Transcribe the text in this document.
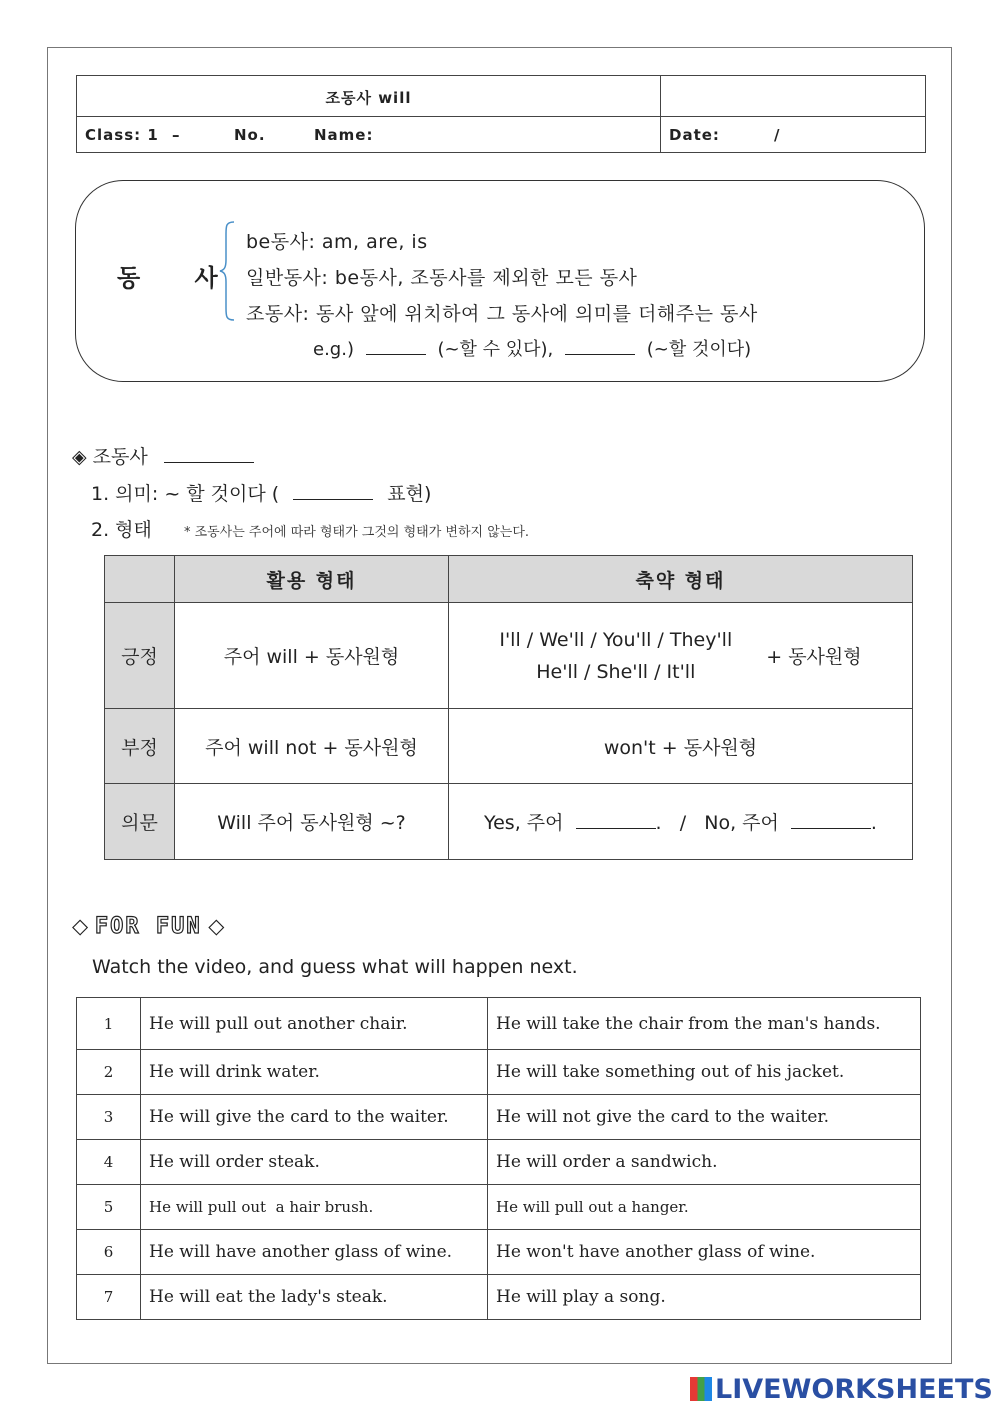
조동사 will
Class: 1 –	No.	Name:	Date:	/
동 사
be동사: am, are, is
일반동사: be동사, 조동사를 제외한 모든 동사
조동사: 동사 앞에 위치하여 그 동사에 의미를 더해주는 동사
e.g.)	(~할 수 있다),	(~할 것이다)
◈ 조동사
1. 의미: ~ 할 것이다 (	표현)
2. 형태 * 조동사는 주어에 따라 형태가 그것의 형태가 변하지 않는다.
	활용 형태	축약 형태
긍정	주어 will + 동사원형	I'll / We'll / You'll / They'll
He'll / She'll / It'll
+ 동사원형

부정	주어 will not + 동사원형	won't + 동사원형
의문	Will 주어 동사원형 ~?	Yes, 주어 .   /   No, 주어 .
◇ FOR FUN ◇
Watch the video, and guess what will happen next.
1	He will pull out another chair.	He will take the chair from the man's hands.
2	He will drink water.	He will take something out of his jacket.
3	He will give the card to the waiter.	He will not give the card to the waiter.
4	He will order steak.	He will order a sandwich.
5	He will pull out  a hair brush.	He will pull out a hanger.
6	He will have another glass of wine.	He won't have another glass of wine.
7	He will eat the lady's steak.	He will play a song.
LIVEWORKSHEETS
